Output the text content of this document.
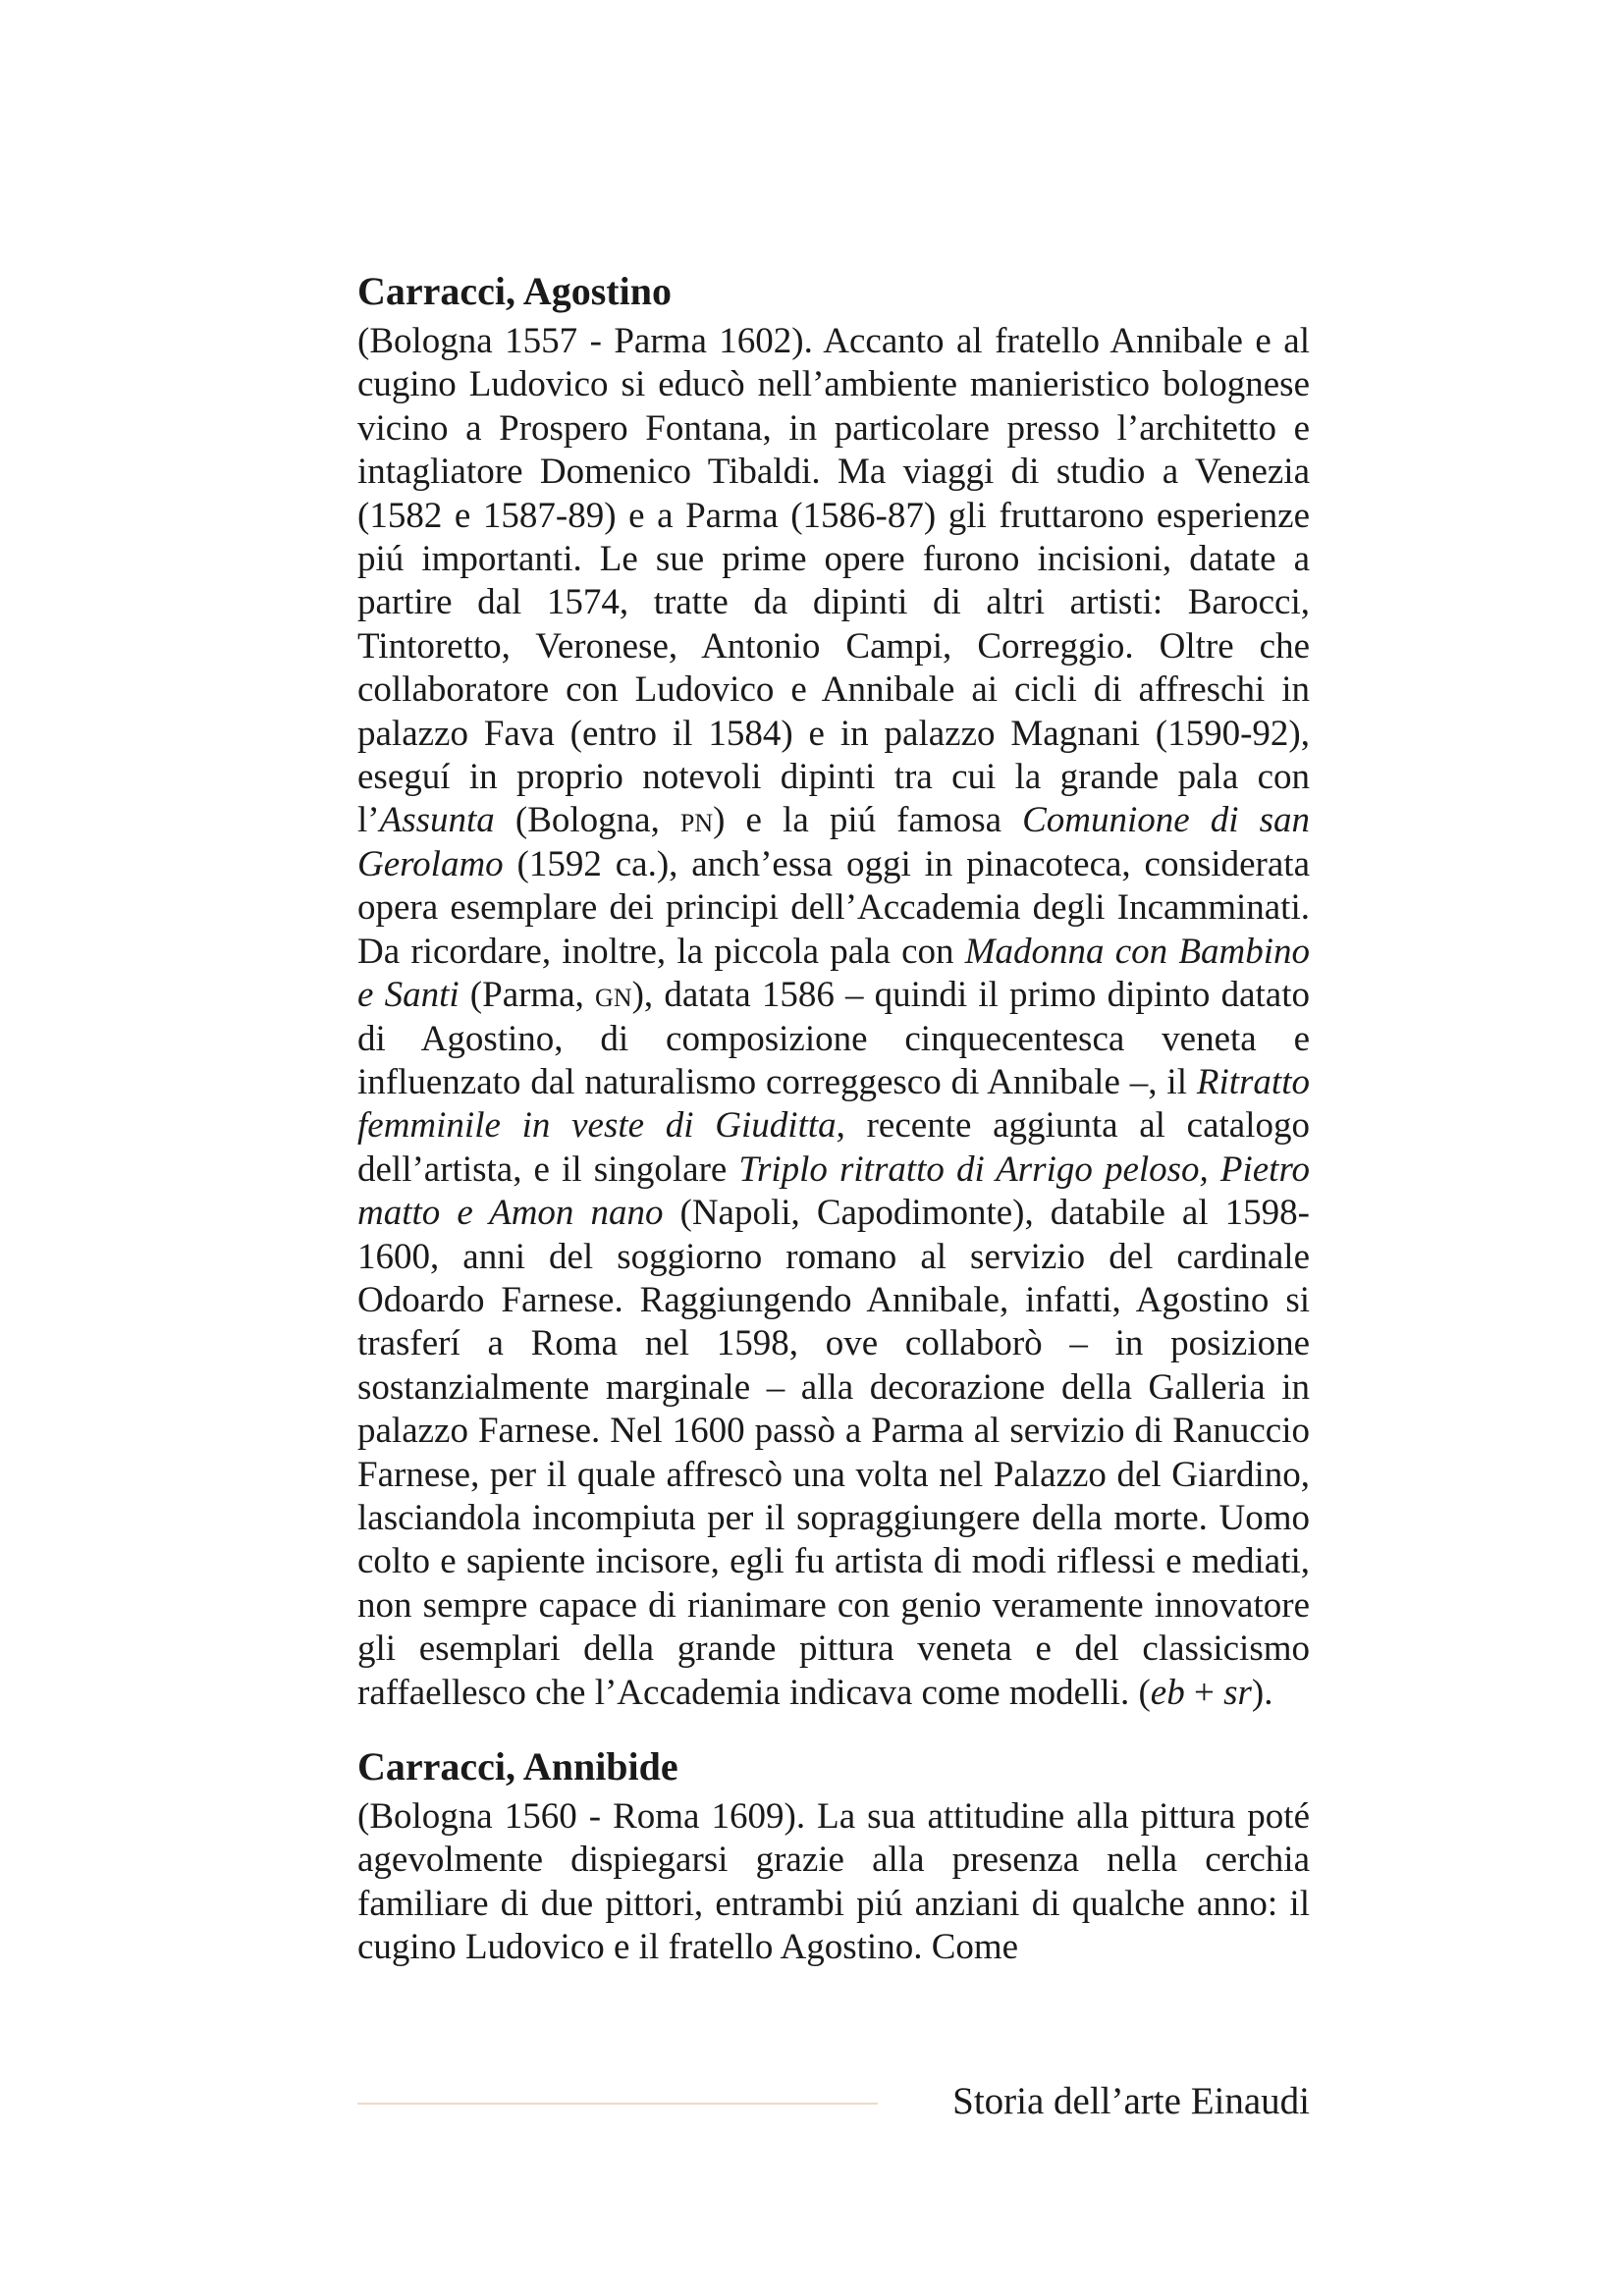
Carracci, Agostino

(Bologna 1557 - Parma 1602). Accanto al fratello Annibale e al cugino Ludovico si educò nell’ambiente manieristico bolognese vicino a Prospero Fontana, in particolare presso l’architetto e intagliatore Domenico Tibaldi. Ma viaggi di studio a Venezia (1582 e 1587-89) e a Parma (1586-87) gli fruttarono esperienze piú importanti. Le sue prime opere furono incisioni, datate a partire dal 1574, tratte da dipinti di altri artisti: Barocci, Tintoretto, Veronese, Antonio Campi, Correggio. Oltre che collaboratore con Ludovico e Annibale ai cicli di affreschi in palazzo Fava (entro il 1584) e in palazzo Magnani (1590-92), eseguí in proprio notevoli dipinti tra cui la grande pala con l’Assunta (Bologna, pn) e la piú famosa Comunione di san Gerolamo (1592 ca.), anch’essa oggi in pinacoteca, considerata opera esemplare dei principi dell’Accademia degli Incamminati. Da ricordare, inoltre, la piccola pala con Madonna con Bambino e Santi (Parma, gn), datata 1586 – quindi il primo dipinto datato di Agostino, di composizione cinquecentesca veneta e influenzato dal naturalismo correggesco di Annibale –, il Ritratto femminile in veste di Giuditta, recente aggiunta al catalogo dell’artista, e il singolare Triplo ritratto di Arrigo peloso, Pietro matto e Amon nano (Napoli, Capodimonte), databile al 1598-1600, anni del soggiorno romano al servizio del cardinale Odoardo Farnese. Raggiungendo Annibale, infatti, Agostino si trasferí a Roma nel 1598, ove collaborò – in posizione sostanzialmente marginale – alla decorazione della Galleria in palazzo Farnese. Nel 1600 passò a Parma al servizio di Ranuccio Farnese, per il quale affrescò una volta nel Palazzo del Giardino, lasciandola incompiuta per il sopraggiungere della morte. Uomo colto e sapiente incisore, egli fu artista di modi riflessi e mediati, non sempre capace di rianimare con genio veramente innovatore gli esemplari della grande pittura veneta e del classicismo raffaellesco che l’Accademia indicava come modelli. (eb + sr).

Carracci, Annibide

(Bologna 1560 - Roma 1609). La sua attitudine alla pittura poté agevolmente dispiegarsi grazie alla presenza nella cerchia familiare di due pittori, entrambi piú anziani di qualche anno: il cugino Ludovico e il fratello Agostino. Come

Storia dell’arte Einaudi
